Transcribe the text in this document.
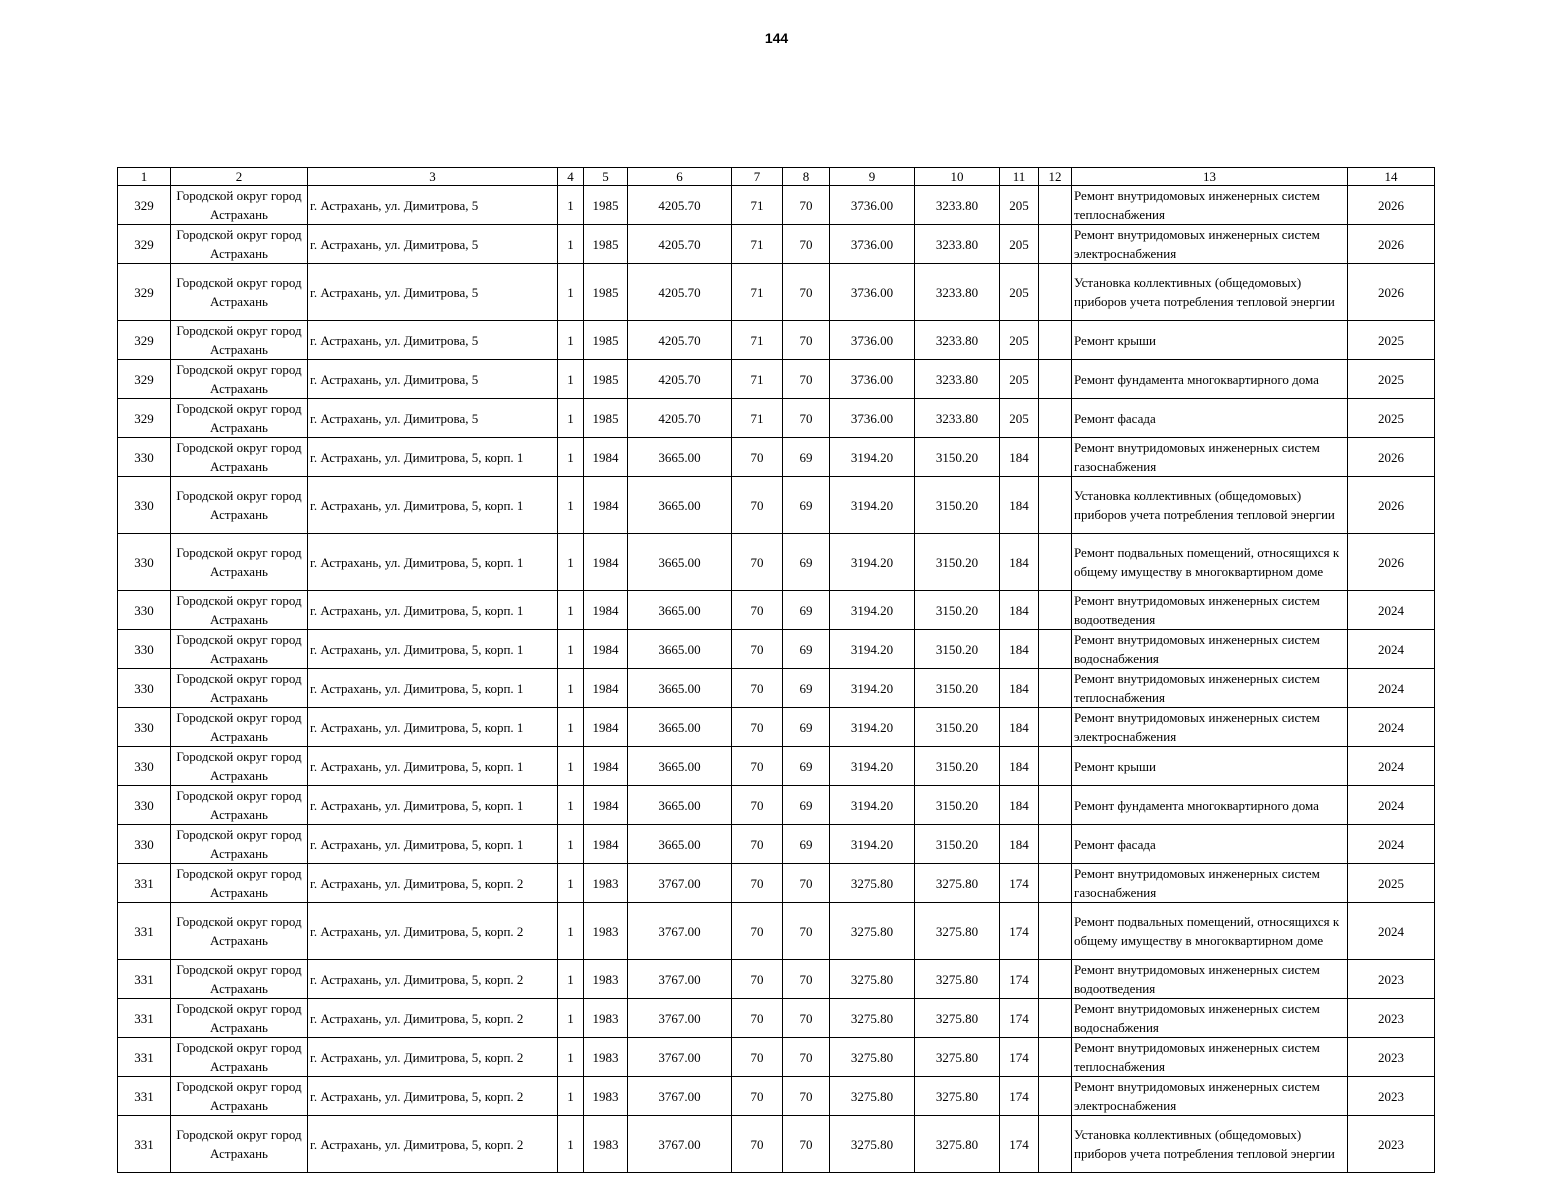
144
1	2	3	4	5	6	7	8	9	10	11	12	13	14
329	Городской округ город Астрахань	г. Астрахань, ул. Димитрова, 5	1	1985	4205.70	71	70	3736.00	3233.80	205		Ремонт внутридомовых инженерных систем теплоснабжения	2026
329	Городской округ город Астрахань	г. Астрахань, ул. Димитрова, 5	1	1985	4205.70	71	70	3736.00	3233.80	205		Ремонт внутридомовых инженерных систем электроснабжения	2026
329	Городской округ город Астрахань	г. Астрахань, ул. Димитрова, 5	1	1985	4205.70	71	70	3736.00	3233.80	205		Установка коллективных (общедомовых) приборов учета потребления тепловой энергии	2026
329	Городской округ город Астрахань	г. Астрахань, ул. Димитрова, 5	1	1985	4205.70	71	70	3736.00	3233.80	205		Ремонт крыши	2025
329	Городской округ город Астрахань	г. Астрахань, ул. Димитрова, 5	1	1985	4205.70	71	70	3736.00	3233.80	205		Ремонт фундамента многоквартирного дома	2025
329	Городской округ город Астрахань	г. Астрахань, ул. Димитрова, 5	1	1985	4205.70	71	70	3736.00	3233.80	205		Ремонт фасада	2025
330	Городской округ город Астрахань	г. Астрахань, ул. Димитрова, 5, корп. 1	1	1984	3665.00	70	69	3194.20	3150.20	184		Ремонт внутридомовых инженерных систем газоснабжения	2026
330	Городской округ город Астрахань	г. Астрахань, ул. Димитрова, 5, корп. 1	1	1984	3665.00	70	69	3194.20	3150.20	184		Установка коллективных (общедомовых) приборов учета потребления тепловой энергии	2026
330	Городской округ город Астрахань	г. Астрахань, ул. Димитрова, 5, корп. 1	1	1984	3665.00	70	69	3194.20	3150.20	184		Ремонт подвальных помещений, относящихся к общему имуществу в многоквартирном доме	2026
330	Городской округ город Астрахань	г. Астрахань, ул. Димитрова, 5, корп. 1	1	1984	3665.00	70	69	3194.20	3150.20	184		Ремонт внутридомовых инженерных систем водоотведения	2024
330	Городской округ город Астрахань	г. Астрахань, ул. Димитрова, 5, корп. 1	1	1984	3665.00	70	69	3194.20	3150.20	184		Ремонт внутридомовых инженерных систем водоснабжения	2024
330	Городской округ город Астрахань	г. Астрахань, ул. Димитрова, 5, корп. 1	1	1984	3665.00	70	69	3194.20	3150.20	184		Ремонт внутридомовых инженерных систем теплоснабжения	2024
330	Городской округ город Астрахань	г. Астрахань, ул. Димитрова, 5, корп. 1	1	1984	3665.00	70	69	3194.20	3150.20	184		Ремонт внутридомовых инженерных систем электроснабжения	2024
330	Городской округ город Астрахань	г. Астрахань, ул. Димитрова, 5, корп. 1	1	1984	3665.00	70	69	3194.20	3150.20	184		Ремонт крыши	2024
330	Городской округ город Астрахань	г. Астрахань, ул. Димитрова, 5, корп. 1	1	1984	3665.00	70	69	3194.20	3150.20	184		Ремонт фундамента многоквартирного дома	2024
330	Городской округ город Астрахань	г. Астрахань, ул. Димитрова, 5, корп. 1	1	1984	3665.00	70	69	3194.20	3150.20	184		Ремонт фасада	2024
331	Городской округ город Астрахань	г. Астрахань, ул. Димитрова, 5, корп. 2	1	1983	3767.00	70	70	3275.80	3275.80	174		Ремонт внутридомовых инженерных систем газоснабжения	2025
331	Городской округ город Астрахань	г. Астрахань, ул. Димитрова, 5, корп. 2	1	1983	3767.00	70	70	3275.80	3275.80	174		Ремонт подвальных помещений, относящихся к общему имуществу в многоквартирном доме	2024
331	Городской округ город Астрахань	г. Астрахань, ул. Димитрова, 5, корп. 2	1	1983	3767.00	70	70	3275.80	3275.80	174		Ремонт внутридомовых инженерных систем водоотведения	2023
331	Городской округ город Астрахань	г. Астрахань, ул. Димитрова, 5, корп. 2	1	1983	3767.00	70	70	3275.80	3275.80	174		Ремонт внутридомовых инженерных систем водоснабжения	2023
331	Городской округ город Астрахань	г. Астрахань, ул. Димитрова, 5, корп. 2	1	1983	3767.00	70	70	3275.80	3275.80	174		Ремонт внутридомовых инженерных систем теплоснабжения	2023
331	Городской округ город Астрахань	г. Астрахань, ул. Димитрова, 5, корп. 2	1	1983	3767.00	70	70	3275.80	3275.80	174		Ремонт внутридомовых инженерных систем электроснабжения	2023
331	Городской округ город Астрахань	г. Астрахань, ул. Димитрова, 5, корп. 2	1	1983	3767.00	70	70	3275.80	3275.80	174		Установка коллективных (общедомовых) приборов учета потребления тепловой энергии	2023
